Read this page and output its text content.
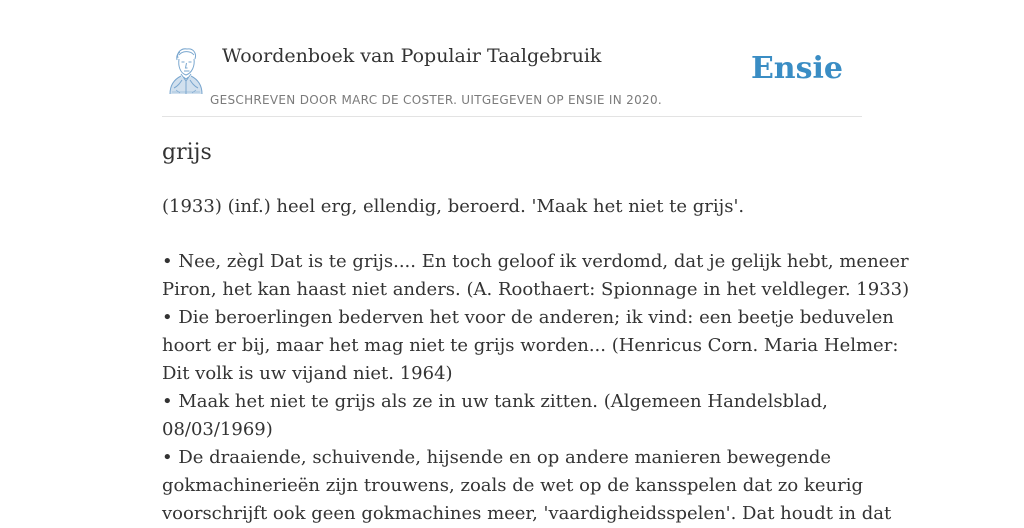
Woordenboek van Populair Taalgebruik
GESCHREVEN DOOR MARC DE COSTER. UITGEGEVEN OP ENSIE IN 2020.
Ensie
grijs

(1933) (inf.) heel erg, ellendig, beroerd. 'Maak het niet te grijs'.

• Nee, zègl Dat is te grijs.... En toch geloof ik verdomd, dat je gelijk hebt, meneer
Piron, het kan haast niet anders. (A. Roothaert: Spionnage in het veldleger. 1933)

• Die beroerlingen bederven het voor de anderen; ik vind: een beetje beduvelen
hoort er bij, maar het mag niet te grijs worden... (Henricus Corn. Maria Helmer:
Dit volk is uw vijand niet. 1964)

• Maak het niet te grijs als ze in uw tank zitten. (Algemeen Handelsblad,
08/03/1969)

• De draaiende, schuivende, hijsende en op andere manieren bewegende
gokmachinerieën zijn trouwens, zoals de wet op de kansspelen dat zo keurig
voorschrijft ook geen gokmachines meer, 'vaardigheidsspelen'. Dat houdt in dat
